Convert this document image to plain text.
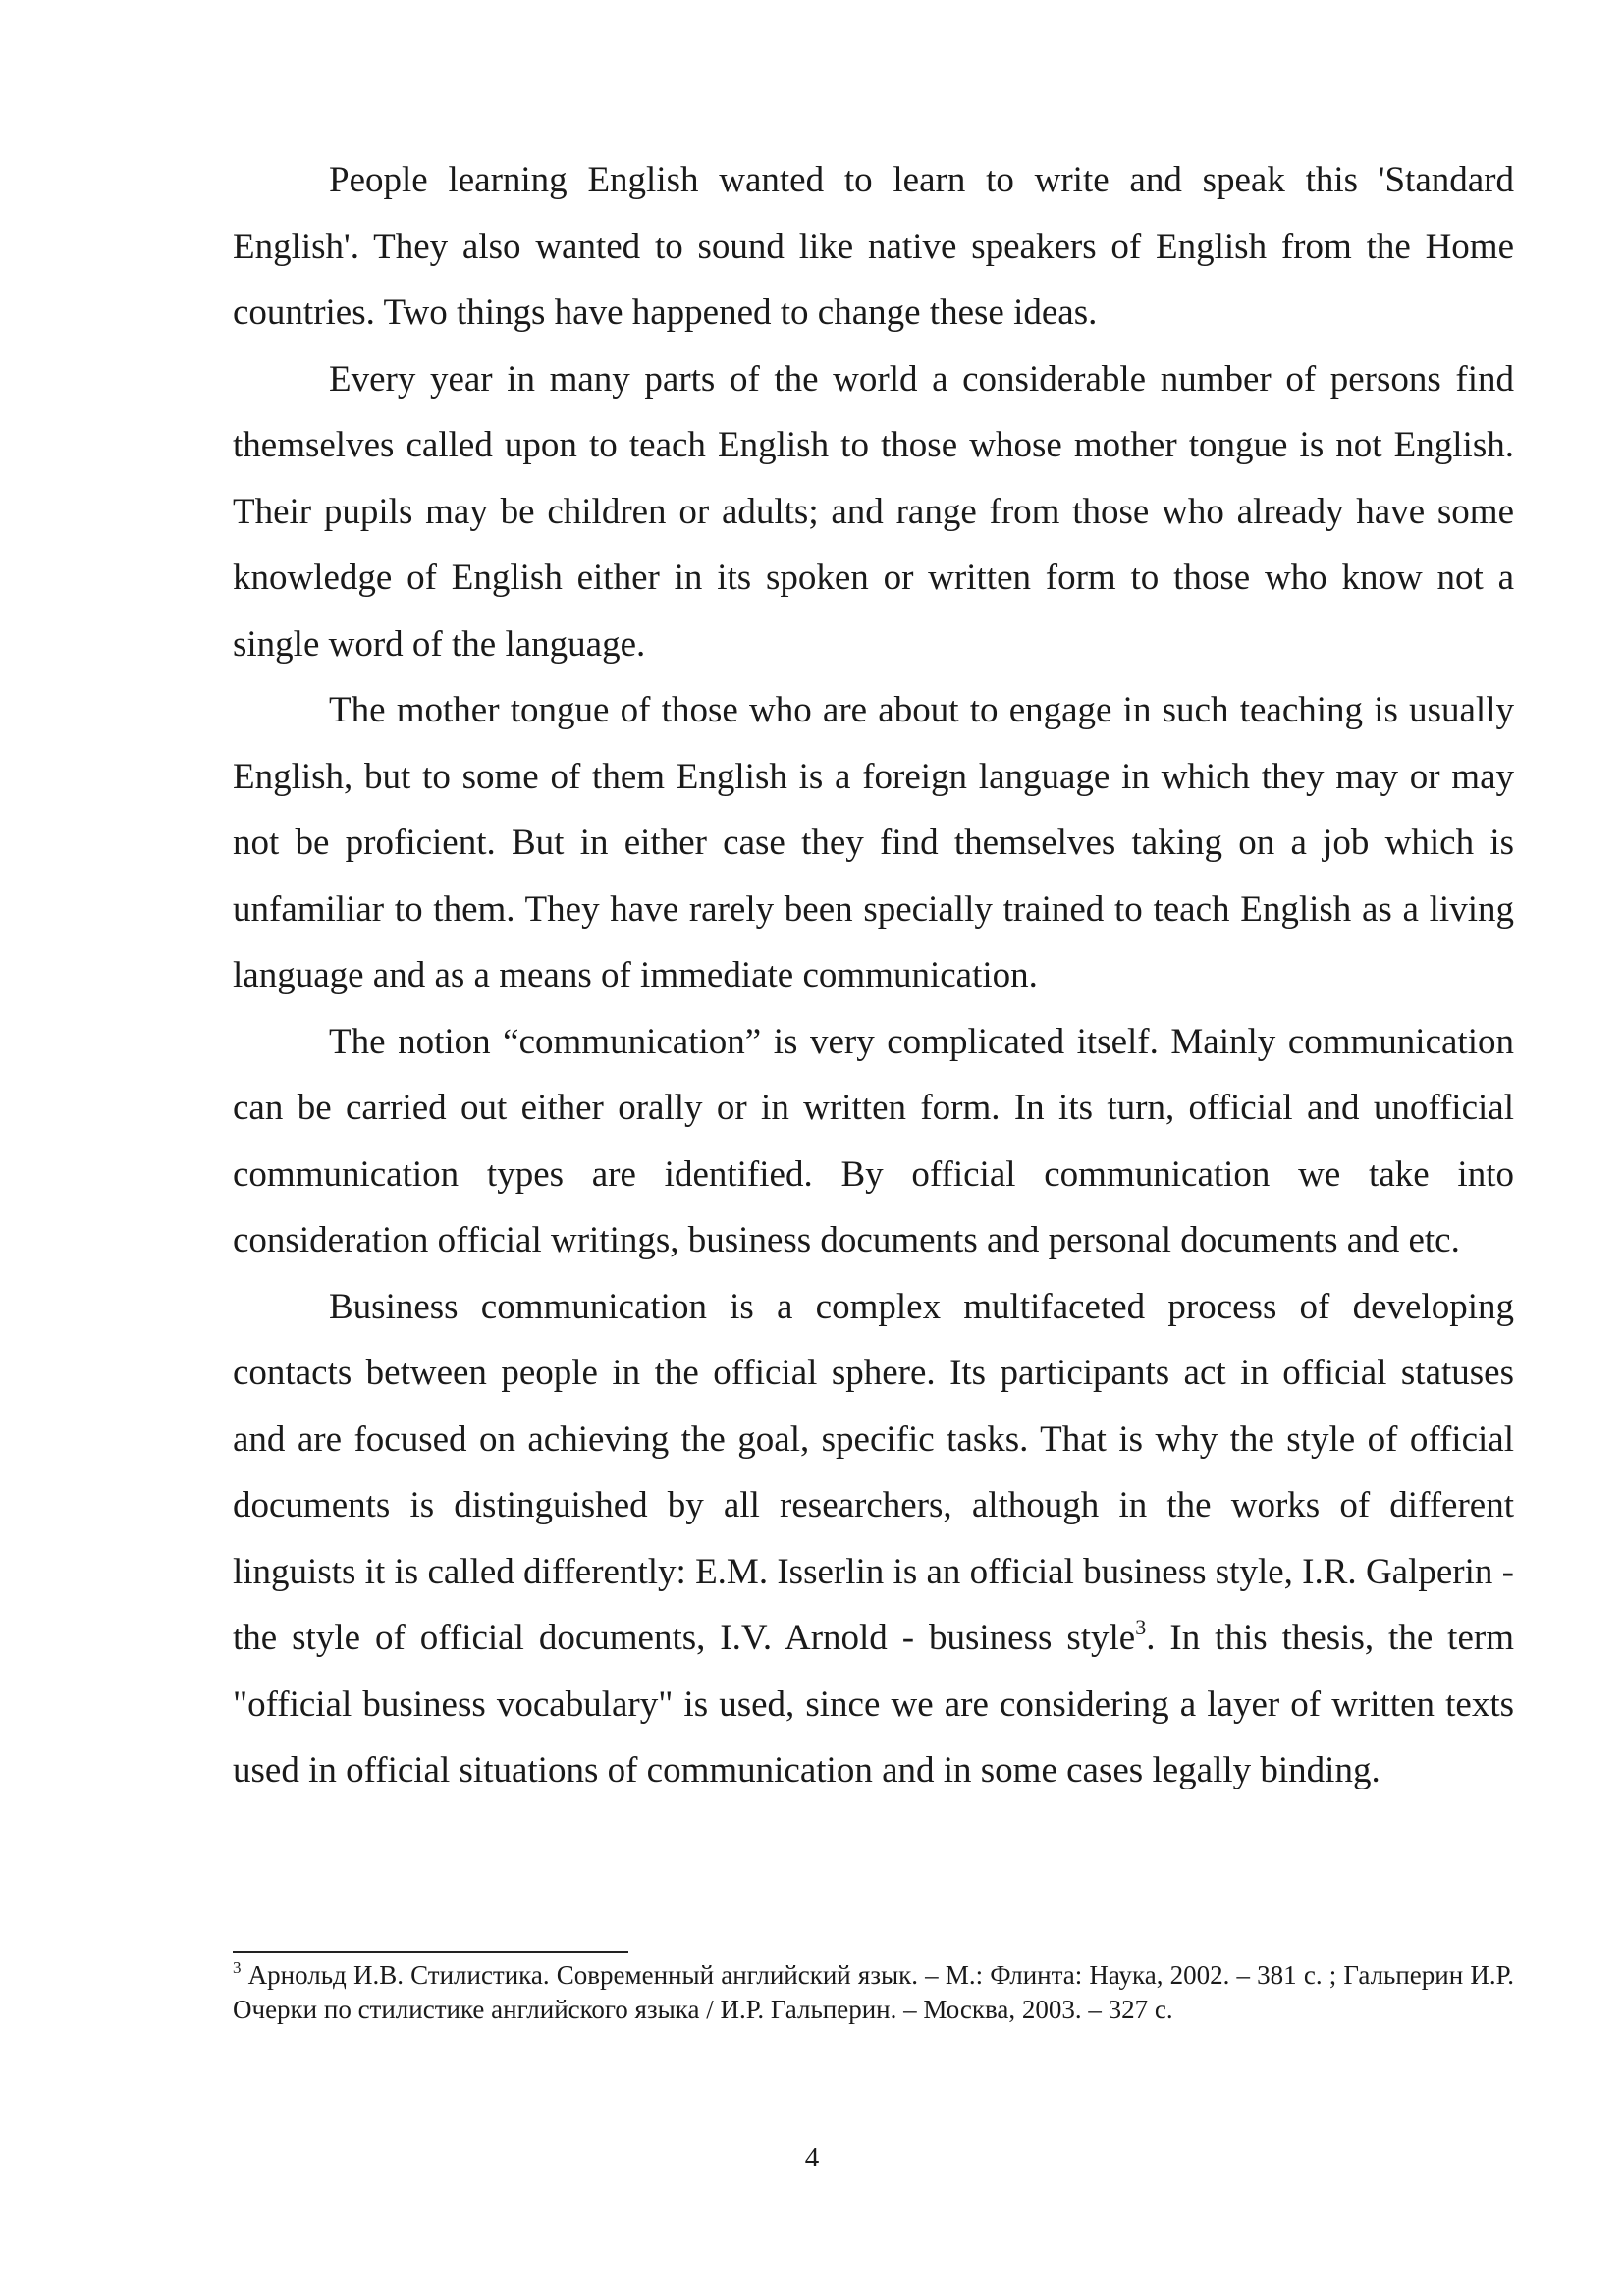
People learning English wanted to learn to write and speak this 'Standard English'. They also wanted to sound like native speakers of English from the Home countries. Two things have happened to change these ideas.

Every year in many parts of the world a considerable number of persons find themselves called upon to teach English to those whose mother tongue is not English. Their pupils may be children or adults; and range from those who already have some knowledge of English either in its spoken or written form to those who know not a single word of the language.

The mother tongue of those who are about to engage in such teaching is usually English, but to some of them English is a foreign language in which they may or may not be proficient. But in either case they find themselves taking on a job which is unfamiliar to them. They have rarely been specially trained to teach English as a living language and as a means of immediate communication.

The notion “communication” is very complicated itself. Mainly communication can be carried out either orally or in written form. In its turn, official and unofficial communication types are identified. By official communication we take into consideration official writings, business documents and personal documents and etc.

Business communication is a complex multifaceted process of developing contacts between people in the official sphere. Its participants act in official statuses and are focused on achieving the goal, specific tasks. That is why the style of official documents is distinguished by all researchers, although in the works of different linguists it is called differently: E.M. Isserlin is an official business style, I.R. Galperin - the style of official documents, I.V. Arnold - business style$^3$. In this thesis, the term "official business vocabulary" is used, since we are considering a layer of written texts used in official situations of communication and in some cases legally binding.

$^3$ Арнольд И.В. Стилистика. Современный английский язык. – М.: Флинта: Наука, 2002. – 381 с. ; Гальперин И.Р. Очерки по стилистике английского языка / И.Р. Гальперин. – Москва, 2003. – 327 с.

4
